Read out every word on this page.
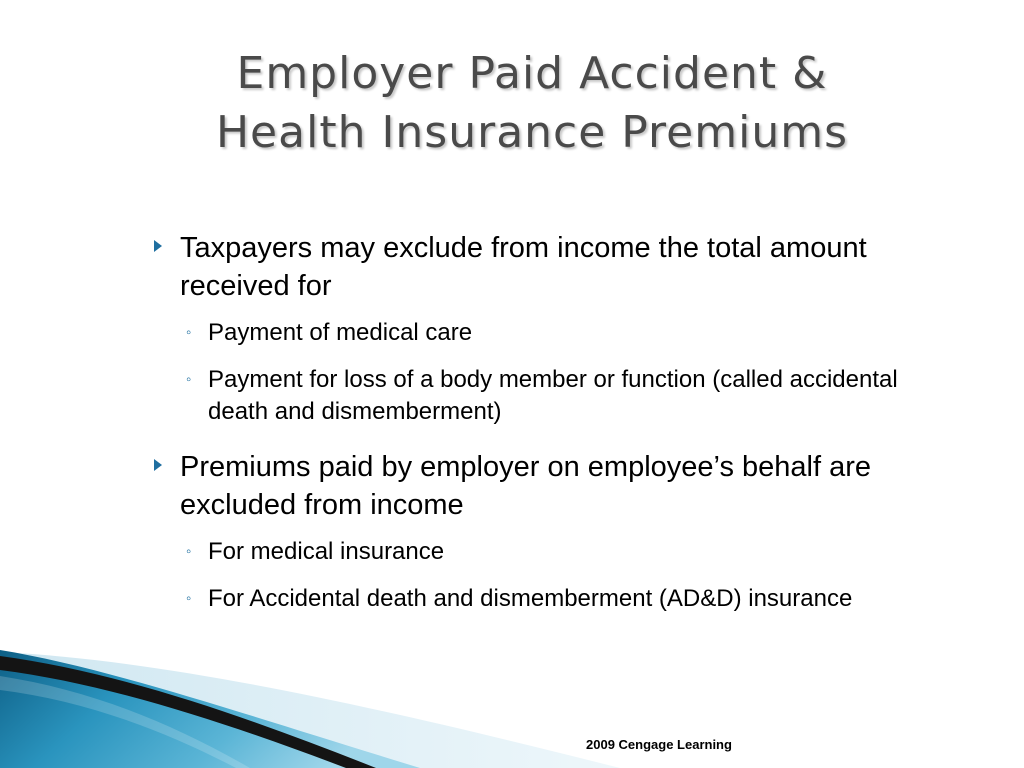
Employer Paid Accident &
Health Insurance Premiums
Taxpayers may exclude from income the total amount received for
◦ Payment of medical care
◦ Payment for loss of a body member or function (called accidental death and dismemberment)
Premiums paid by employer on employee’s behalf are excluded from income
◦ For medical insurance
◦ For Accidental death and dismemberment (AD&D) insurance
2009 Cengage Learning
